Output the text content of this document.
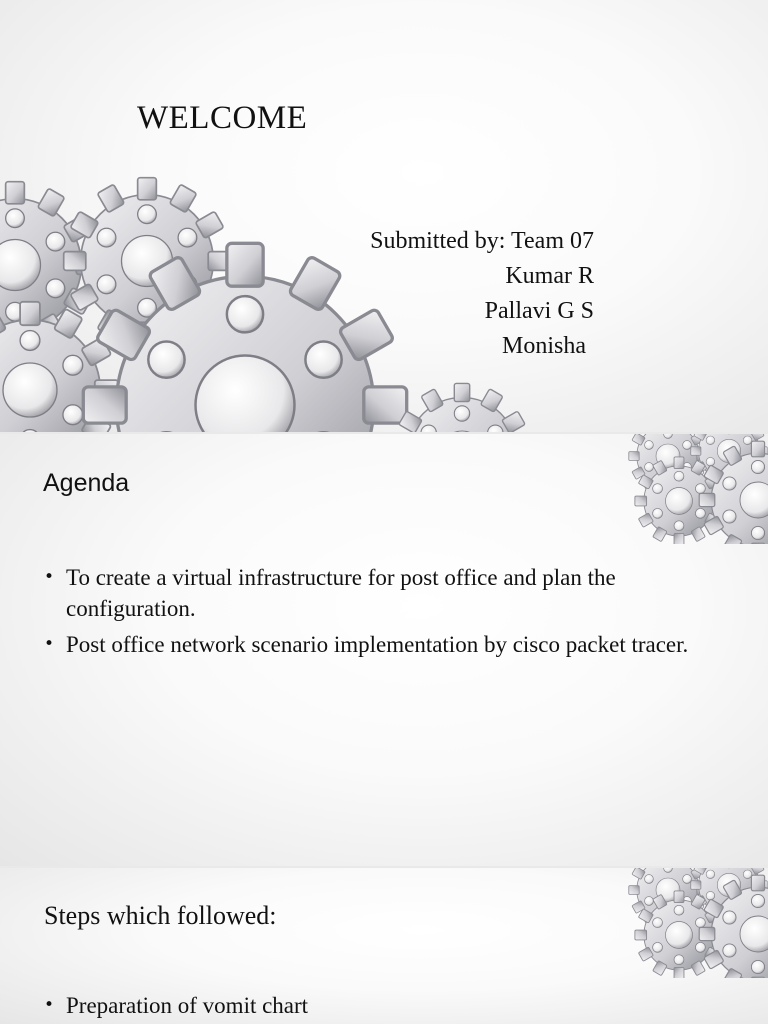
WELCOME
Submitted by: Team 07
Kumar R
Pallavi G S
Monisha
Agenda
• To create a virtual infrastructure for post office and plan the configuration.
• Post office network scenario implementation by cisco packet tracer.
Steps which followed:
• Preparation of vomit chart
